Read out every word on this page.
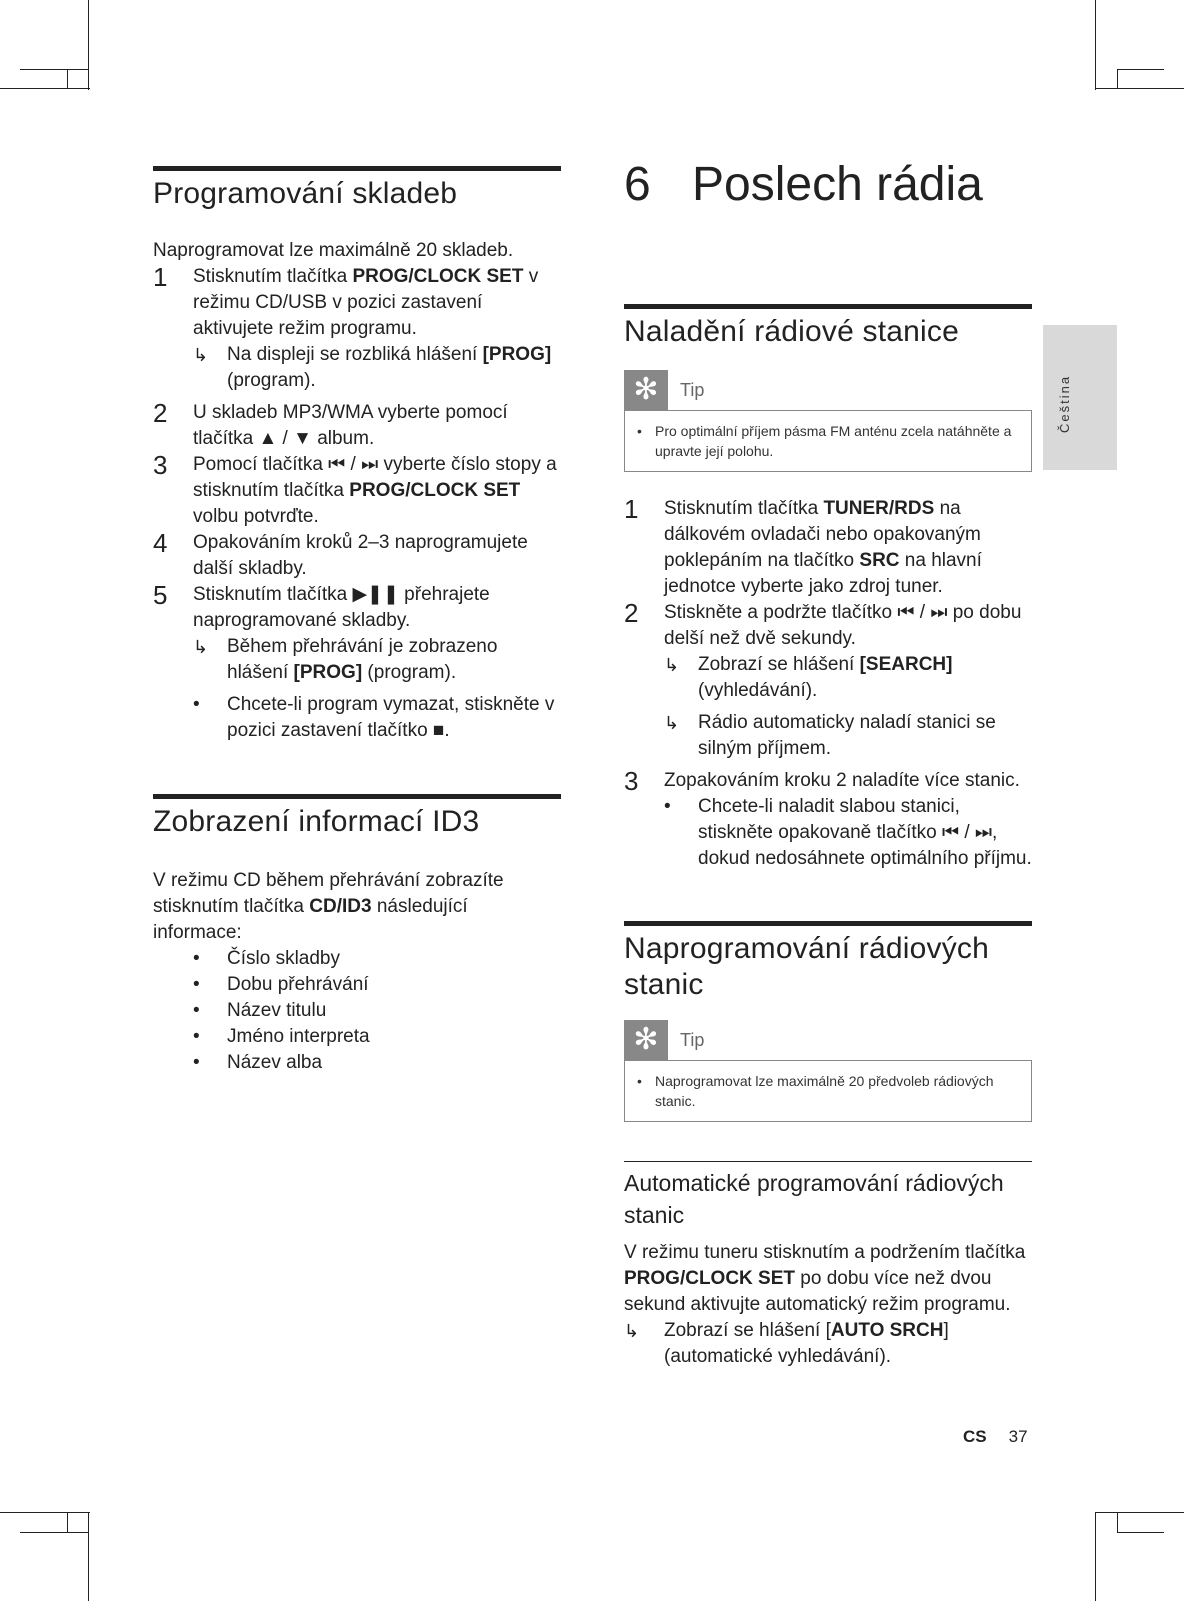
Programování skladeb

Naprogramovat lze maximálně 20 skladeb.

1 Stisknutím tlačítka PROG/CLOCK SET v režimu CD/USB v pozici zastavení aktivujete režim programu.
↳ Na displeji se rozbliká hlášení [PROG] (program).
2 U skladeb MP3/WMA vyberte pomocí tlačítka ▲ / ▼ album.
3 Pomocí tlačítka ⏮ / ⏭ vyberte číslo stopy a stisknutím tlačítka PROG/CLOCK SET volbu potvrďte.
4 Opakováním kroků 2–3 naprogramujete další skladby.
5 Stisknutím tlačítka ▶❚❚ přehrajete naprogramované skladby.
↳ Během přehrávání je zobrazeno hlášení [PROG] (program).
• Chcete-li program vymazat, stiskněte v pozici zastavení tlačítko ■.
Zobrazení informací ID3

V režimu CD během přehrávání zobrazíte stisknutím tlačítka CD/ID3 následující informace:

• Číslo skladby
• Dobu přehrávání
• Název titulu
• Jméno interpreta
• Název alba
6 Poslech rádia
Naladění rádiové stanice
✻	Tip
• Pro optimální příjem pásma FM anténu zcela natáhněte a upravte její polohu.
1 Stisknutím tlačítka TUNER/RDS na dálkovém ovladači nebo opakovaným poklepáním na tlačítko SRC na hlavní jednotce vyberte jako zdroj tuner.
2 Stiskněte a podržte tlačítko ⏮ / ⏭ po dobu delší než dvě sekundy.
↳ Zobrazí se hlášení [SEARCH] (vyhledávání).
↳ Rádio automaticky naladí stanici se silným příjmem.
3 Zopakováním kroku 2 naladíte více stanic.
• Chcete-li naladit slabou stanici, stiskněte opakovaně tlačítko ⏮ / ⏭, dokud nedosáhnete optimálního příjmu.
Naprogramování rádiových stanic
✻	Tip
• Naprogramovat lze maximálně 20 předvoleb rádiových stanic.
Automatické programování rádiových stanic

V režimu tuneru stisknutím a podržením tlačítka PROG/CLOCK SET po dobu více než dvou sekund aktivujte automatický režim programu.

↳ Zobrazí se hlášení [AUTO SRCH] (automatické vyhledávání).
Čeština
CS 37
